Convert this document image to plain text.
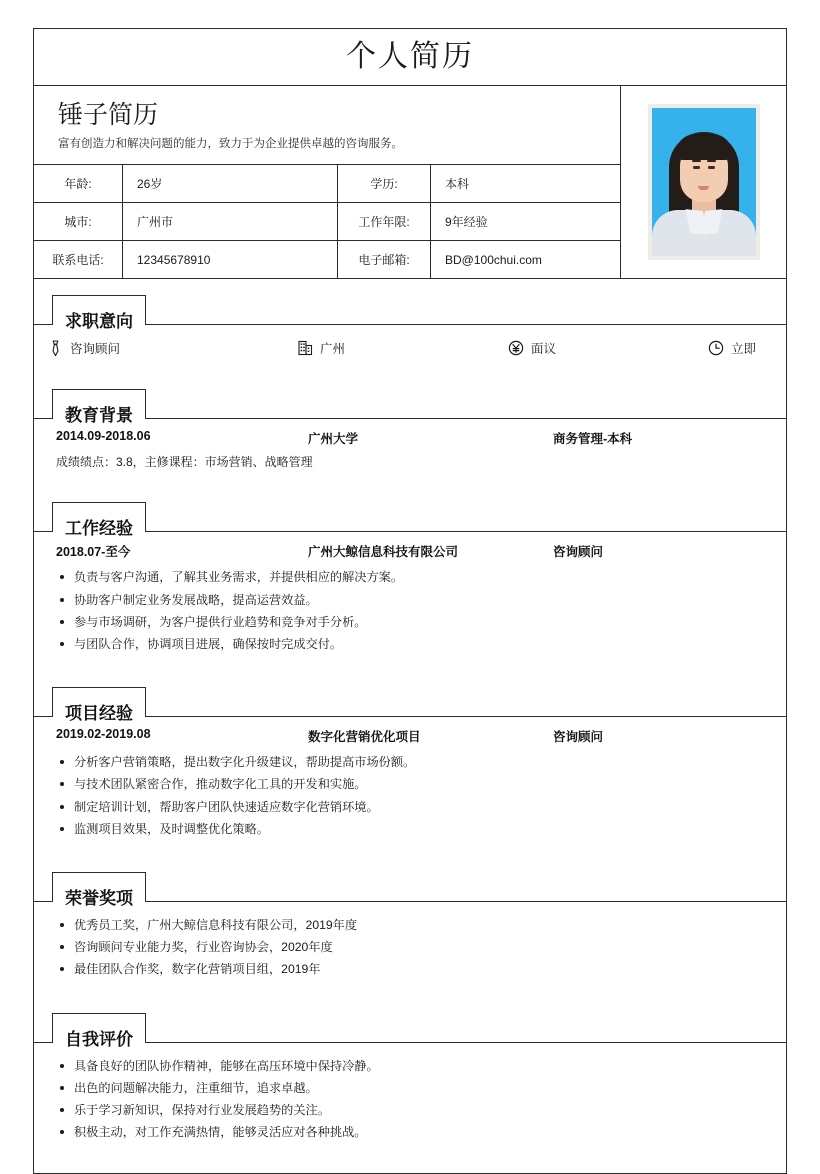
个人简历
锤子简历
富有创造力和解决问题的能力，致力于为企业提供卓越的咨询服务。
年龄:	26岁	学历:	本科
城市:	广州市	工作年限:	9年经验
联系电话:	12345678910	电子邮箱:	BD@100chui.com
求职意向
咨询顾问	广州	面议	立即
教育背景
2014.09-2018.06	广州大学	商务管理-本科
成绩绩点：3.8，主修课程：市场营销、战略管理
工作经验
2018.07-至今	广州大鲸信息科技有限公司	咨询顾问
负责与客户沟通，了解其业务需求，并提供相应的解决方案。
协助客户制定业务发展战略，提高运营效益。
参与市场调研，为客户提供行业趋势和竞争对手分析。
与团队合作，协调项目进展，确保按时完成交付。
项目经验
2019.02-2019.08	数字化营销优化项目	咨询顾问
分析客户营销策略，提出数字化升级建议，帮助提高市场份额。
与技术团队紧密合作，推动数字化工具的开发和实施。
制定培训计划，帮助客户团队快速适应数字化营销环境。
监测项目效果，及时调整优化策略。
荣誉奖项
优秀员工奖，广州大鲸信息科技有限公司，2019年度
咨询顾问专业能力奖，行业咨询协会，2020年度
最佳团队合作奖，数字化营销项目组，2019年
自我评价
具备良好的团队协作精神，能够在高压环境中保持冷静。
出色的问题解决能力，注重细节，追求卓越。
乐于学习新知识，保持对行业发展趋势的关注。
积极主动，对工作充满热情，能够灵活应对各种挑战。
